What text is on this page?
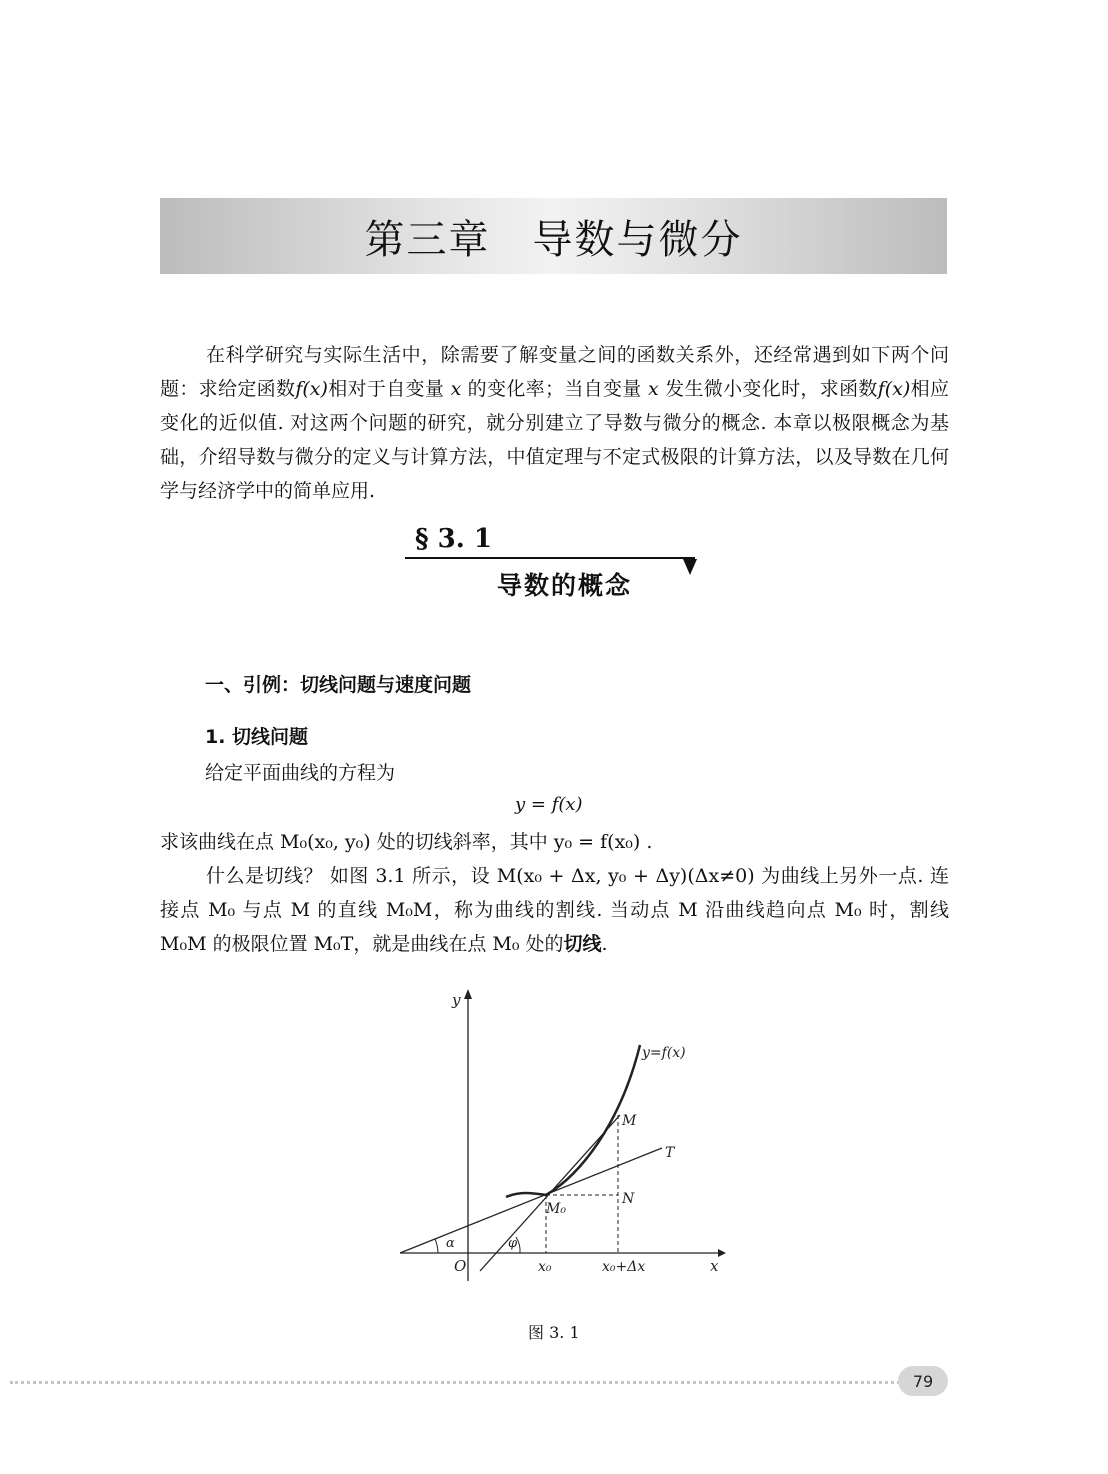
第三章　导数与微分

在科学研究与实际生活中，除需要了解变量之间的函数关系外，还经常遇到如下两个问题：求给定函数f(x)相对于自变量 x 的变化率；当自变量 x 发生微小变化时，求函数f(x)相应变化的近似值. 对这两个问题的研究，就分别建立了导数与微分的概念. 本章以极限概念为基础，介绍导数与微分的定义与计算方法，中值定理与不定式极限的计算方法，以及导数在几何学与经济学中的简单应用.

§ 3. 1
导数的概念
一、引例：切线问题与速度问题
1. 切线问题
给定平面曲线的方程为
y = f(x)
求该曲线在点 M₀(x₀, y₀) 处的切线斜率，其中 y₀ = f(x₀) .

什么是切线？ 如图 3.1 所示，设 M(x₀ + Δx, y₀ + Δy)(Δx≠0) 为曲线上另外一点. 连接点 M₀ 与点 M 的直线 M₀M，称为曲线的割线. 当动点 M 沿曲线趋向点 M₀ 时，割线 M₀M 的极限位置 M₀T，就是曲线在点 M₀ 处的切线.

y
x
O
y=f(x)
M
T
N
M₀
α	φ
x₀	x₀+Δx
图 3. 1
79
